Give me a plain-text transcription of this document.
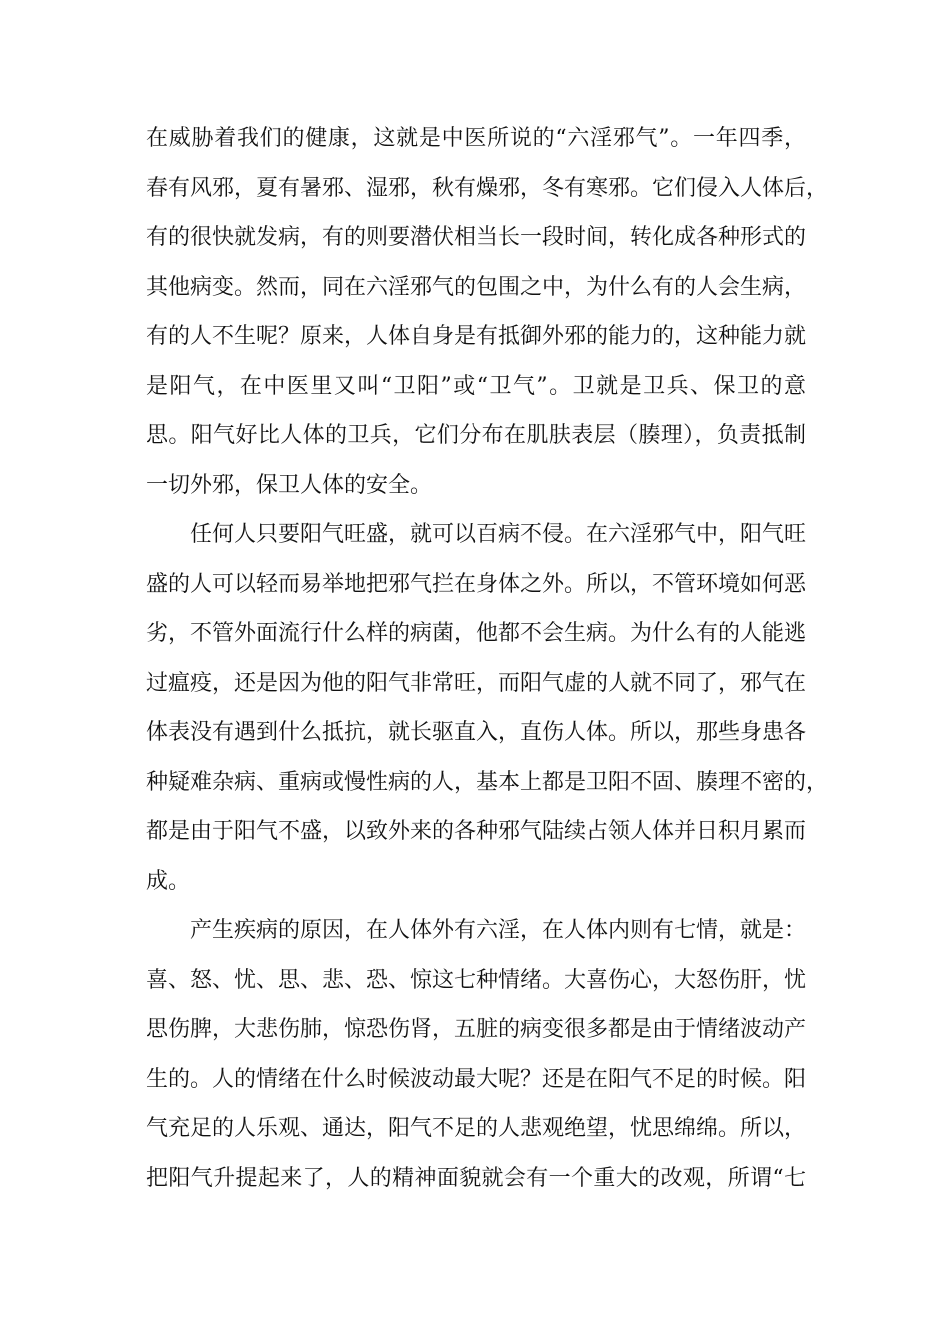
在威胁着我们的健康，这就是中医所说的“六淫邪气”。一年四季，
春有风邪，夏有暑邪、湿邪，秋有燥邪，冬有寒邪。它们侵入人体后，
有的很快就发病，有的则要潜伏相当长一段时间，转化成各种形式的
其他病变。然而，同在六淫邪气的包围之中，为什么有的人会生病，
有的人不生呢？原来，人体自身是有抵御外邪的能力的，这种能力就
是阳气，在中医里又叫“卫阳”或“卫气”。卫就是卫兵、保卫的意
思。阳气好比人体的卫兵，它们分布在肌肤表层（腠理），负责抵制
一切外邪，保卫人体的安全。
任何人只要阳气旺盛，就可以百病不侵。在六淫邪气中，阳气旺
盛的人可以轻而易举地把邪气拦在身体之外。所以，不管环境如何恶
劣，不管外面流行什么样的病菌，他都不会生病。为什么有的人能逃
过瘟疫，还是因为他的阳气非常旺，而阳气虚的人就不同了，邪气在
体表没有遇到什么抵抗，就长驱直入，直伤人体。所以，那些身患各
种疑难杂病、重病或慢性病的人，基本上都是卫阳不固、腠理不密的，
都是由于阳气不盛，以致外来的各种邪气陆续占领人体并日积月累而
成。
产生疾病的原因，在人体外有六淫，在人体内则有七情，就是：
喜、怒、忧、思、悲、恐、惊这七种情绪。大喜伤心，大怒伤肝，忧
思伤脾，大悲伤肺，惊恐伤肾，五脏的病变很多都是由于情绪波动产
生的。人的情绪在什么时候波动最大呢？还是在阳气不足的时候。阳
气充足的人乐观、通达，阳气不足的人悲观绝望，忧思绵绵。所以，
把阳气升提起来了，人的精神面貌就会有一个重大的改观，所谓“七
